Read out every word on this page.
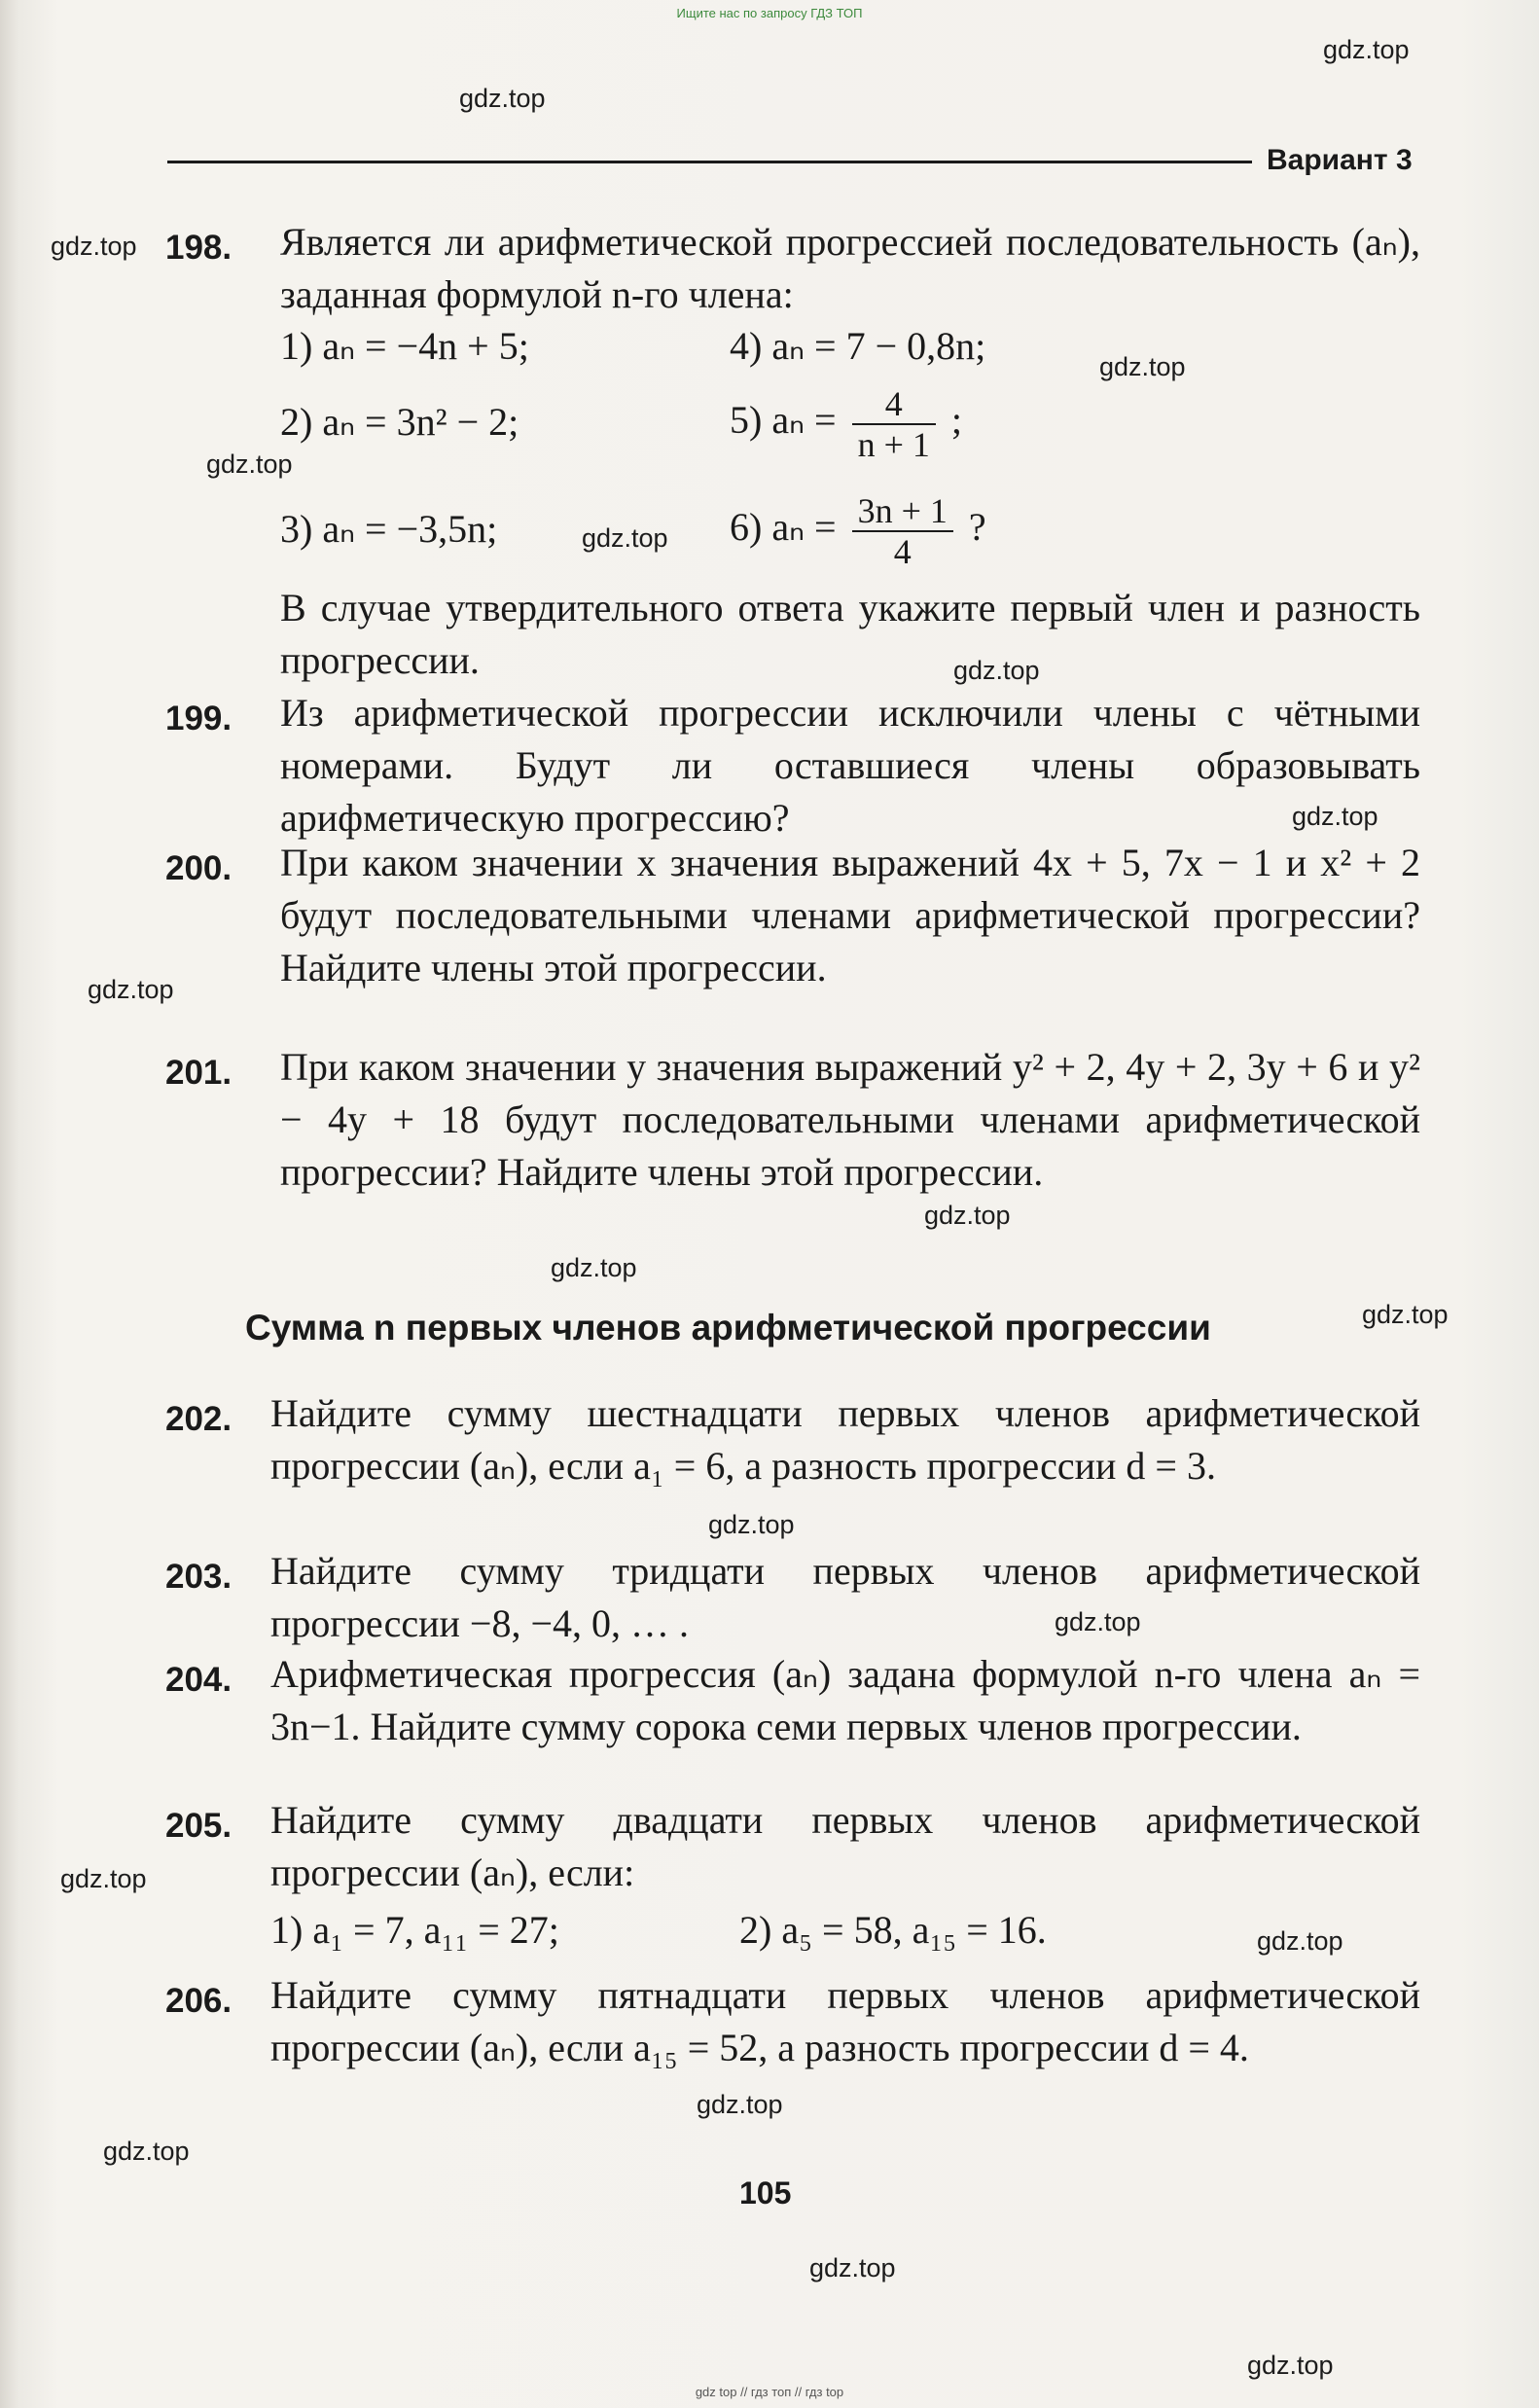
Ищите нас по запросу ГДЗ ТОП
Вариант 3
198. Является ли арифметической прогрессией последовательность (aₙ), заданная формулой n-го члена:
1) aₙ = −4n + 5;	4) aₙ = 7 − 0,8n;
2) aₙ = 3n² − 2;	5) $a_n = \frac{4}{n + 1}$ ;
3) aₙ = −3,5n;	6) $a_n = \frac{3n + 1}{4}$ ?
В случае утвердительного ответа укажите первый член и разность прогрессии.
199. Из арифметической прогрессии исключили члены с чётными номерами. Будут ли оставшиеся члены образовывать арифметическую прогрессию?
200. При каком значении x значения выражений 4x + 5, 7x − 1 и x² + 2 будут последовательными членами арифметической прогрессии? Найдите члены этой прогрессии.
201. При каком значении y значения выражений y² + 2, 4y + 2, 3y + 6 и y² − 4y + 18 будут последовательными членами арифметической прогрессии? Найдите члены этой прогрессии.
Сумма n первых членов арифметической прогрессии
202. Найдите сумму шестнадцати первых членов арифметической прогрессии (aₙ), если a₁ = 6, а разность прогрессии d = 3.
203. Найдите сумму тридцати первых членов арифметической прогрессии −8, −4, 0, … .
204. Арифметическая прогрессия (aₙ) задана формулой n-го члена aₙ = 3n−1. Найдите сумму сорока семи первых членов прогрессии.
205. Найдите сумму двадцати первых членов арифметической прогрессии (aₙ), если:
1) a₁ = 7, a₁₁ = 27;	2) a₅ = 58, a₁₅ = 16.
206. Найдите сумму пятнадцати первых членов арифметической прогрессии (aₙ), если a₁₅ = 52, а разность прогрессии d = 4.
105
gdz.top
gdz.top
gdz.top
gdz.top
gdz.top
gdz.top
gdz.top
gdz.top
gdz.top
gdz.top
gdz.top
gdz.top
gdz.top
gdz.top
gdz.top
gdz.top
gdz.top
gdz.top
gdz.top
gdz.top
gdz top // гдз топ // гдз top
